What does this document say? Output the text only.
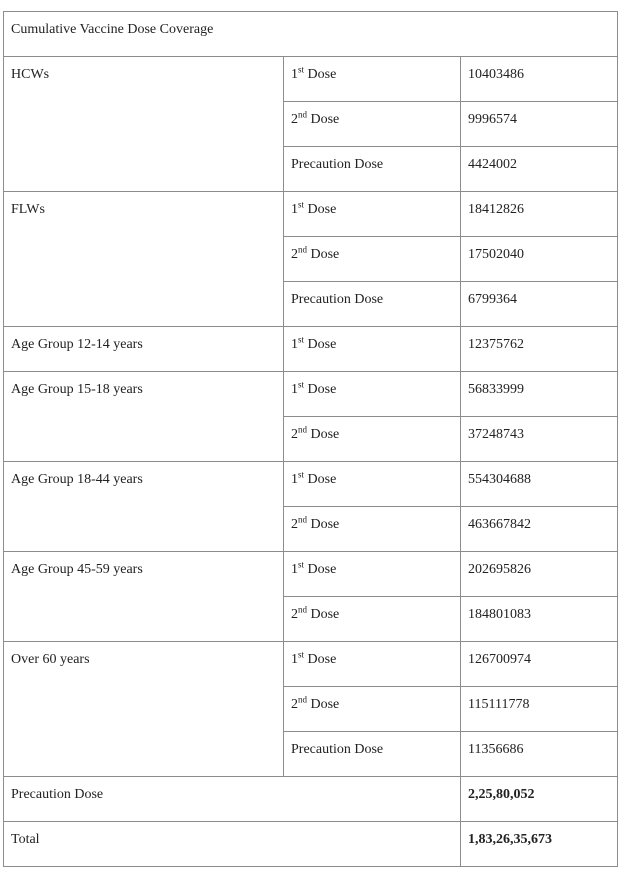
Cumulative Vaccine Dose Coverage		

HCWs	1st Dose	10403486

	2nd Dose	9996574

	Precaution Dose	4424002

FLWs	1st Dose	18412826

	2nd Dose	17502040

	Precaution Dose	6799364

Age Group 12-14 years	1st Dose	12375762

Age Group 15-18 years	1st Dose	56833999

	2nd Dose	37248743

Age Group 18-44 years	1st Dose	554304688

	2nd Dose	463667842

Age Group 45-59 years	1st Dose	202695826

	2nd Dose	184801083

Over 60 years	1st Dose	126700974

	2nd Dose	115111778

	Precaution Dose	11356686

Precaution Dose		2,25,80,052

Total		1,83,26,35,673
